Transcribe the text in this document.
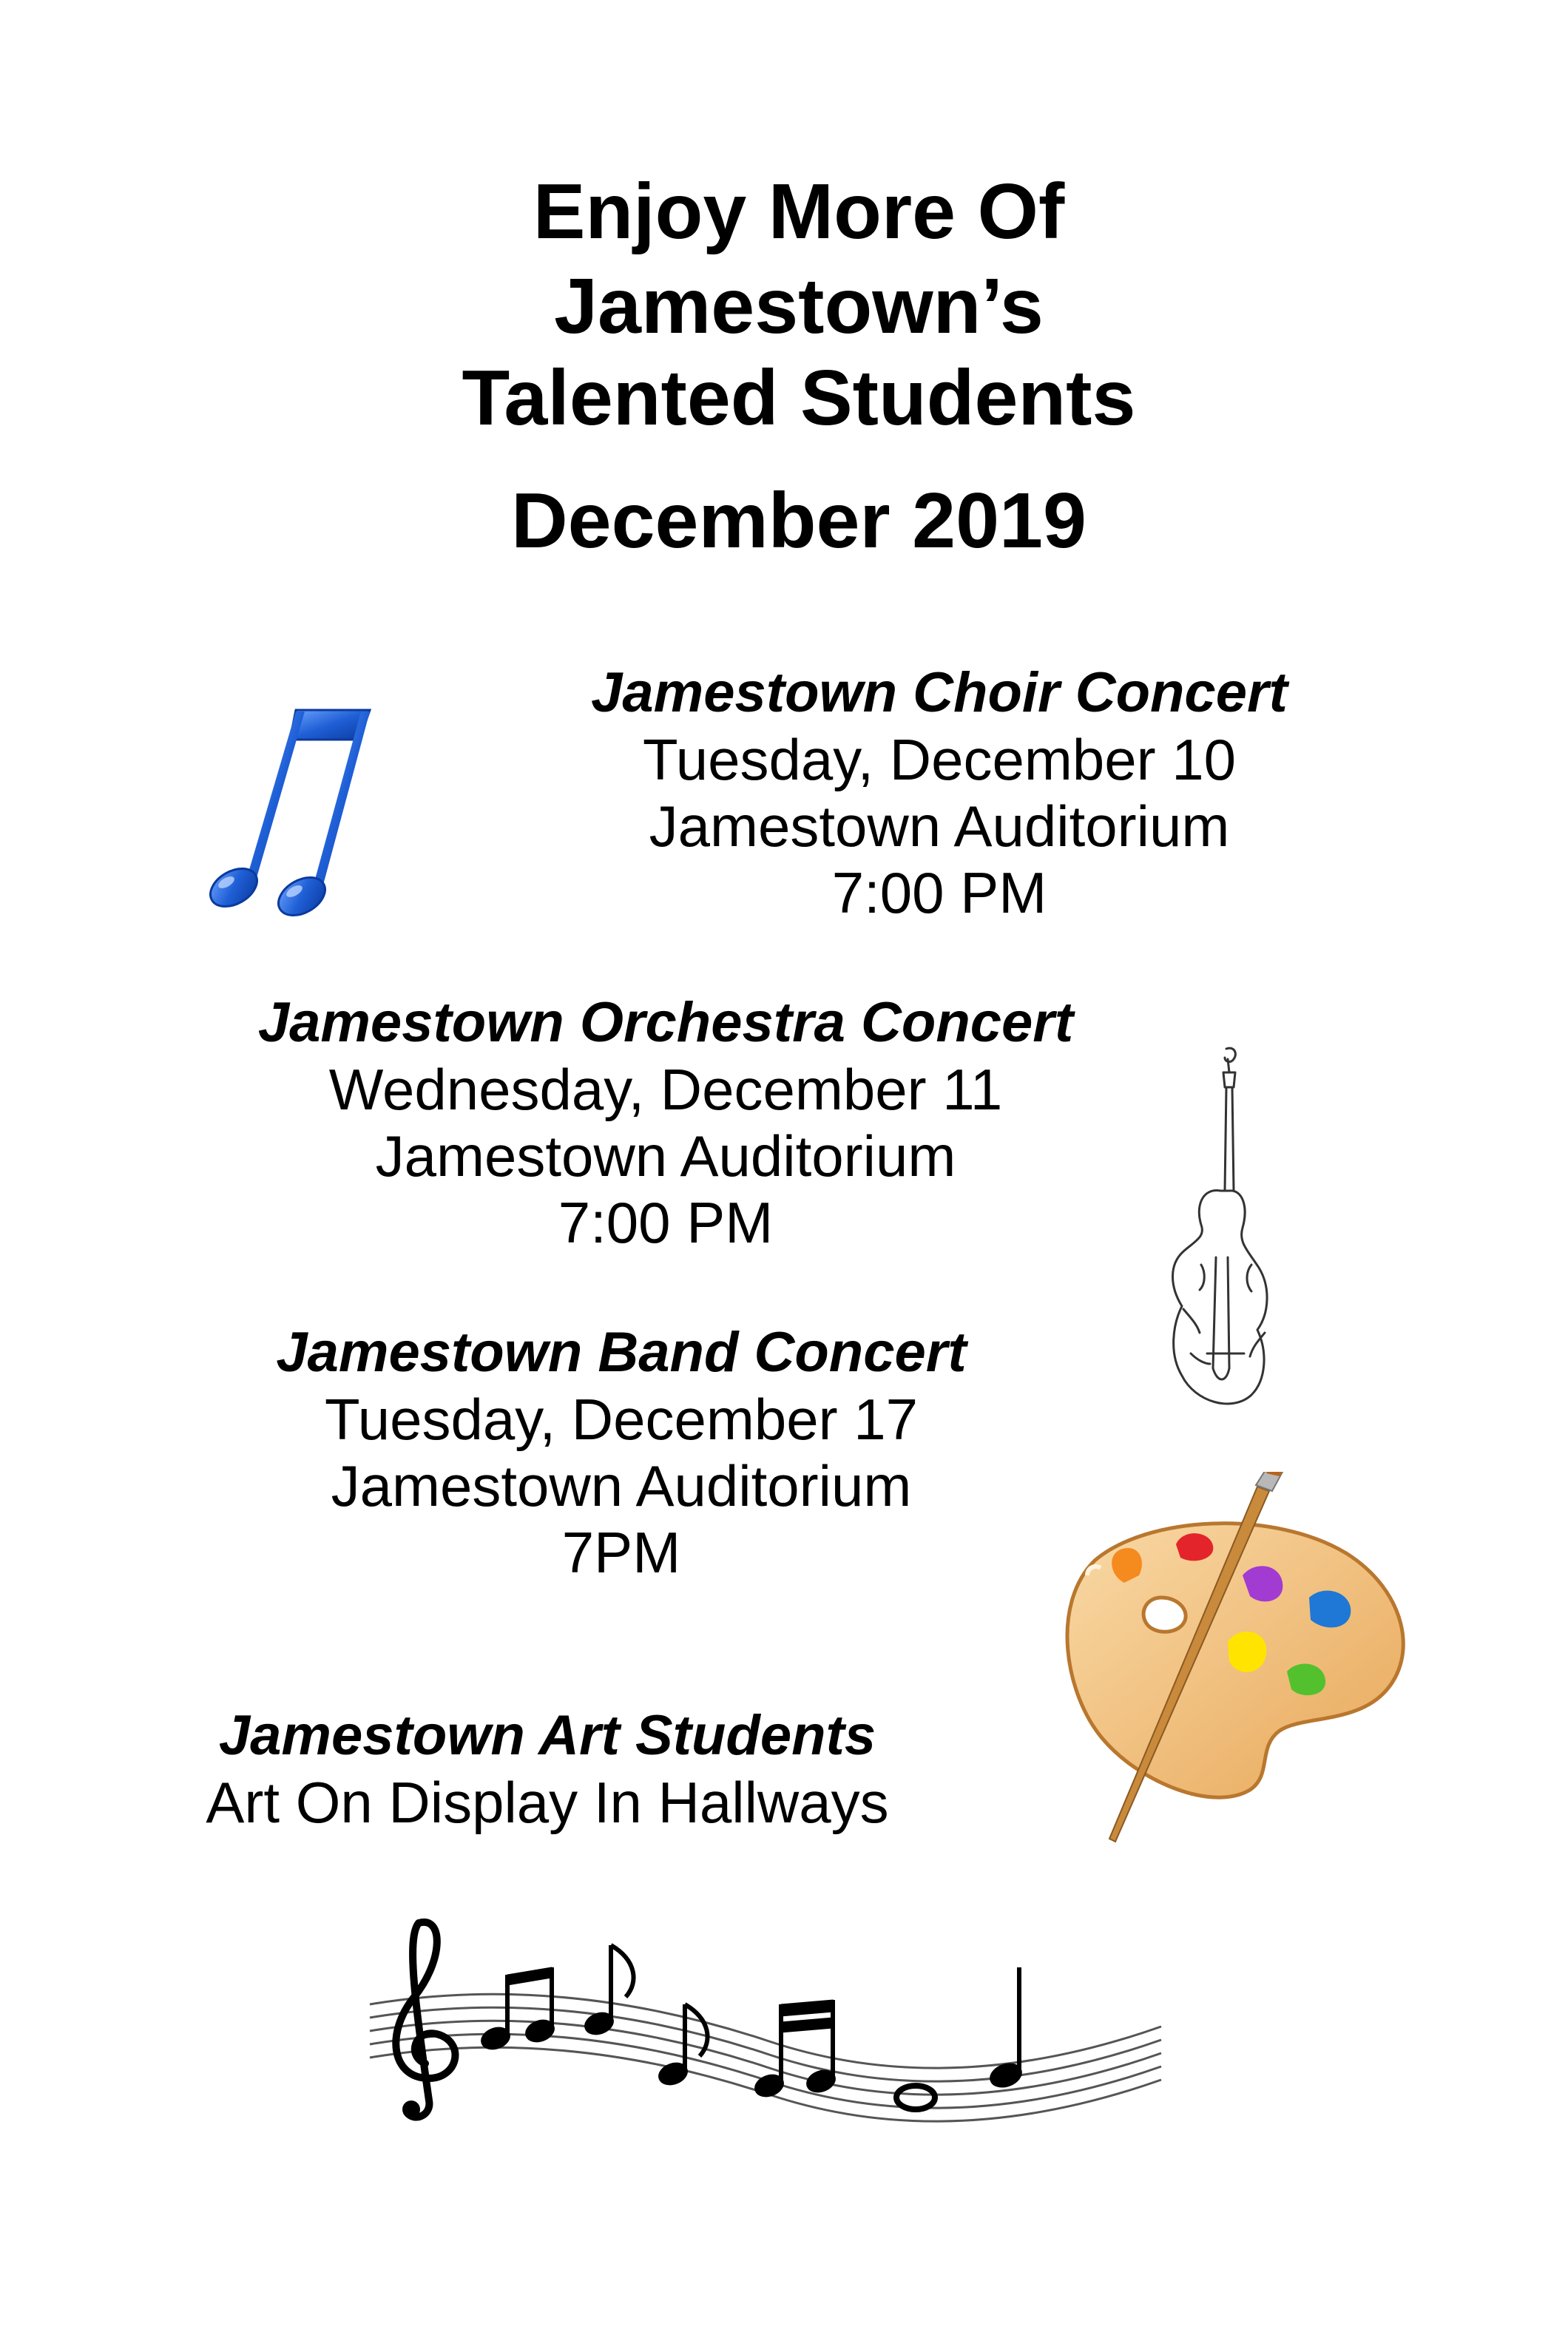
Enjoy More Of
Jamestown’s
Talented Students
December 2019
Jamestown Choir Concert
Tuesday, December 10
Jamestown Auditorium
7:00 PM
Jamestown Orchestra Concert
Wednesday, December 11
Jamestown Auditorium
7:00 PM
Jamestown Band Concert
Tuesday, December 17
Jamestown Auditorium
7PM
Jamestown Art Students
Art On Display In Hallways
